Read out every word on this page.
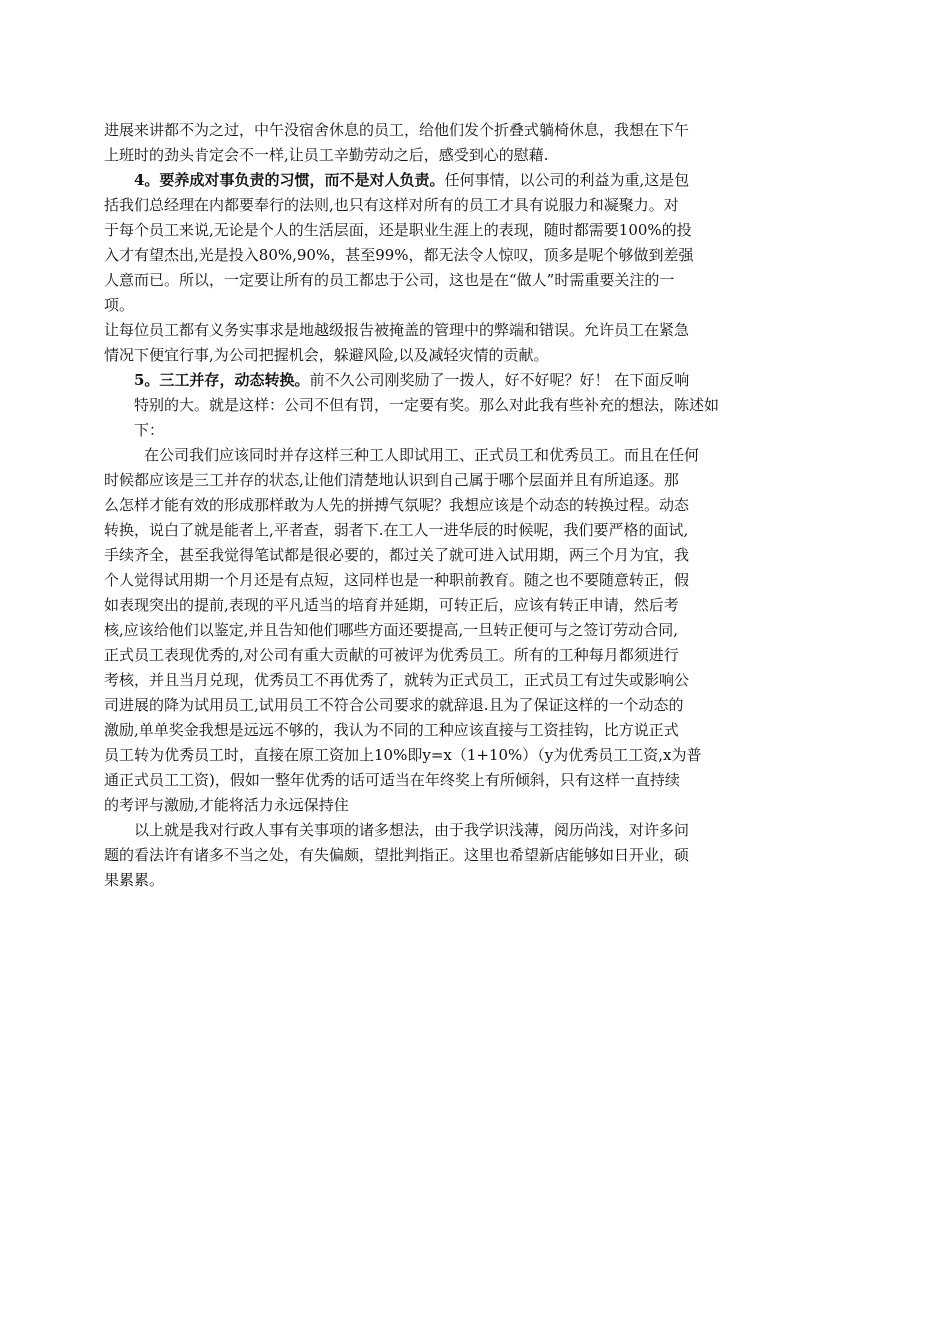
进展来讲都不为之过，中午没宿舍休息的员工，给他们发个折叠式躺椅休息，我想在下午
上班时的劲头肯定会不一样,让员工辛勤劳动之后，感受到心的慰藉.
4。要养成对事负责的习惯，而不是对人负责。任何事情，以公司的利益为重,这是包
括我们总经理在内都要奉行的法则,也只有这样对所有的员工才具有说服力和凝聚力。对
于每个员工来说,无论是个人的生活层面，还是职业生涯上的表现，随时都需要100%的投
入才有望杰出,光是投入80%,90%，甚至99%，都无法令人惊叹，顶多是呢个够做到差强
人意而已。所以，一定要让所有的员工都忠于公司，这也是在“做人”时需重要关注的一
项。
让每位员工都有义务实事求是地越级报告被掩盖的管理中的弊端和错误。允许员工在紧急
情况下便宜行事,为公司把握机会，躲避风险,以及减轻灾情的贡献。
5。三工并存，动态转换。前不久公司刚奖励了一拨人，好不好呢？好！ 在下面反响
特别的大。就是这样：公司不但有罚，一定要有奖。那么对此我有些补充的想法，陈述如
下：
在公司我们应该同时并存这样三种工人即试用工、正式员工和优秀员工。而且在任何
时候都应该是三工并存的状态,让他们清楚地认识到自己属于哪个层面并且有所追逐。那
么怎样才能有效的形成那样敢为人先的拼搏气氛呢？我想应该是个动态的转换过程。动态
转换，说白了就是能者上,平者查，弱者下.在工人一进华辰的时候呢，我们要严格的面试,
手续齐全，甚至我觉得笔试都是很必要的，都过关了就可进入试用期，两三个月为宜，我
个人觉得试用期一个月还是有点短，这同样也是一种职前教育。随之也不要随意转正，假
如表现突出的提前,表现的平凡适当的培育并延期，可转正后，应该有转正申请，然后考
核,应该给他们以鉴定,并且告知他们哪些方面还要提高,一旦转正便可与之签订劳动合同,
正式员工表现优秀的,对公司有重大贡献的可被评为优秀员工。所有的工种每月都须进行
考核，并且当月兑现，优秀员工不再优秀了，就转为正式员工，正式员工有过失或影响公
司进展的降为试用员工,试用员工不符合公司要求的就辞退.且为了保证这样的一个动态的
激励,单单奖金我想是远远不够的，我认为不同的工种应该直接与工资挂钩，比方说正式
员工转为优秀员工时，直接在原工资加上10%即y=x（1+10%）（y为优秀员工工资,x为普
通正式员工工资)，假如一整年优秀的话可适当在年终奖上有所倾斜，只有这样一直持续
的考评与激励,才能将活力永远保持住
以上就是我对行政人事有关事项的诸多想法，由于我学识浅薄，阅历尚浅，对许多问
题的看法许有诸多不当之处，有失偏颇，望批判指正。这里也希望新店能够如日开业，硕
果累累。
